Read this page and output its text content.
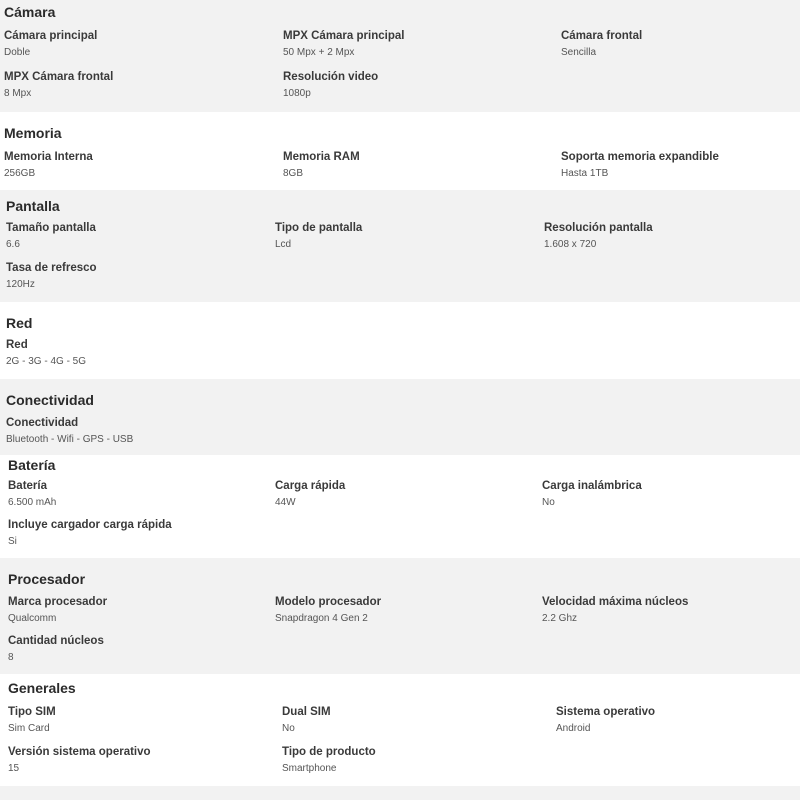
Cámara
Cámara principal
Doble
MPX Cámara principal
50 Mpx + 2 Mpx
Cámara frontal
Sencilla
MPX Cámara frontal
8 Mpx
Resolución video
1080p
Memoria
Memoria Interna
256GB
Memoria RAM
8GB
Soporta memoria expandible
Hasta 1TB
Pantalla
Tamaño pantalla
6.6
Tipo de pantalla
Lcd
Resolución pantalla
1.608 x 720
Tasa de refresco
120Hz
Red
Red
2G - 3G - 4G - 5G
Conectividad
Conectividad
Bluetooth - Wifi - GPS - USB
Batería
Batería
6.500 mAh
Carga rápida
44W
Carga inalámbrica
No
Incluye cargador carga rápida
Si
Procesador
Marca procesador
Qualcomm
Modelo procesador
Snapdragon 4 Gen 2
Velocidad máxima núcleos
2.2 Ghz
Cantidad núcleos
8
Generales
Tipo SIM
Sim Card
Dual SIM
No
Sistema operativo
Android
Versión sistema operativo
15
Tipo de producto
Smartphone
